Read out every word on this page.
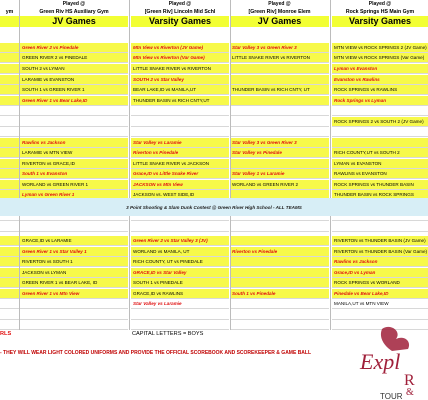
ym
Played @
Green Riv HS Auxiliary Gym
JV Games
Green River 2 vs Pinedale
GREEN RIVER 2 vs PINEDALE
SOUTH 2 vs LYMAN
LARAMIE vs EVANSTON
SOUTH 1 vs GREEN RIVER 1
Green River 1 vs Bear Lake,ID
Rawlins vs Jackson
LARAMIE vs MTN VIEW
RIVERTON vs GRACE,ID
South 1 vs Evanston
WORLAND vs GREEN RIVER 1
Lyman vs Green River 1
GRACE,ID vs LARAMIE
Green River 1 vs Star Valley 1
RIVERTON vs SOUTH 1
JACKSON vs LYMAN
GREEN RIVER 1 vs BEAR LAKE, ID
Green River 1 vs Mtn View
Played @
[Green Riv] Lincoln Mid Schl
Varsity Games
Mtn View vs Riverton (JV Game)
Mtn View vs Riverton (Var Game)
LITTLE SNAKE RIVER vs RIVERTON
SOUTH 2 vs Star Valley
BEAR LAKE,ID vs MANILA,UT
THUNDER BASIN vs RICH CNTY,UT
Star Valley vs Laramie
Riverton vs Pinedale
LITTLE SNAKE RIVER vs JACKSON
Grace,ID vs Little Snake River
JACKSON vs Mtn View
JACKSON vs. WEST SIDE,ID
Green River 2 vs Star Valley 3 (JV)
WORLAND vs MANILA, UT
RICH COUNTY, UT vs PINEDALE
GRACE,ID vs Star Valley
SOUTH 1 vs PINEDALE
GRACE,ID vs RAWLINS
Star Valley vs Laramie
Played @
[Green Riv] Monroe Elem
JV Games
Star Valley 3 vs Green River 3
LITTLE SNAKE RIVER vs RIVERTON
THUNDER BASIN vs RICH CNTY, UT
Star Valley 3 vs Green River 3
Star Valley vs Pinedale
Star Valley 1 vs Laramie
WORLAND vs GREEN RIVER 2
Riverton vs Pinedale
South 1 vs Pinedale
Played @
Rock Springs HS Main Gym
Varsity Games
MTN VIEW vs ROCK SPRINGS 2 (JV Game)
MTN VIEW vs ROCK SPRINGS (Var Game)
Lyman vs Evanston
Evanston vs Rawlins
ROCK SPRINGS vs RAWLINS
Rock Springs vs Lyman
ROCK SPRINGS 2 vs SOUTH 2 (JV Game)
RICH COUNTY,UT vs SOUTH 2
LYMAN vs EVANSTON
RAWLINS vs EVANSTON
ROCK SPRINGS vs THUNDER BASIN
THUNDER BASIN vs ROCK SPRINGS
RIVERTON vs THUNDER BASIN (JV Game)
RIVERTON vs THUNDER BASIN (Var Game)
Rawlins vs Jackson
Grace,ID vs Lyman
ROCK SPRINGS vs WORLAND
Pinedale vs Bear Lake,ID
MANILA,UT vs MTN VIEW
3 Point Shooting & Slam Dunk Contest @ Green River High School - ALL TEAMS
RLS	CAPITAL LETTERS = BOYS
- THEY WILL WEAR LIGHT COLORED UNIFORMS AND PROVIDE THE OFFICIAL SCOREBOOK AND SCOREKEEPER & GAME BALL Expl
R
&
TOUR
